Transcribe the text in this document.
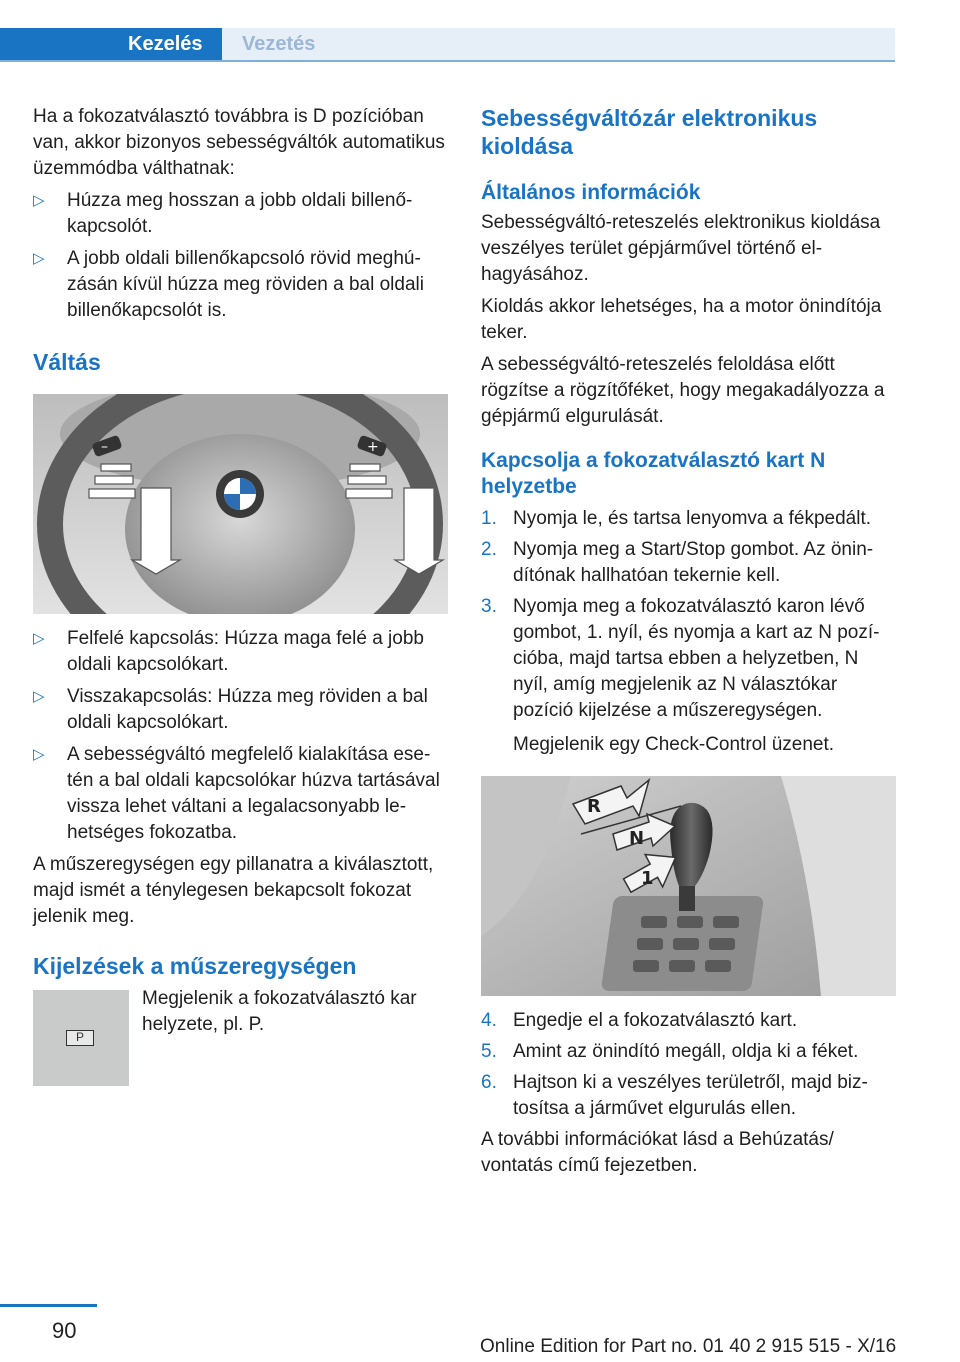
Kezelés	Vezetés

Ha a fokozatválasztó továbbra is D pozícióban van, akkor bizonyos sebességváltók automatikus üzemmódba válthatnak:

▷ Húzza meg hosszan a jobb oldali billenőkapcsolót.
▷ A jobb oldali billenőkapcsoló rövid meghúzásán kívül húzza meg röviden a bal oldali billenőkapcsolót is.
Váltás
–	+
▷ Felfelé kapcsolás: Húzza maga felé a jobb oldali kapcsolókart.
▷ Visszakapcsolás: Húzza meg röviden a bal oldali kapcsolókart.
▷ A sebességváltó megfelelő kialakítása esetén a bal oldali kapcsolókar húzva tartásával vissza lehet váltani a legalacsonyabb lehetséges fokozatba.

A műszeregységen egy pillanatra a kiválasztott, majd ismét a ténylegesen bekapcsolt fokozat jelenik meg.

Kijelzések a műszeregységen
P

Megjelenik a fokozatválasztó kar helyzete, pl. P.

Sebességváltózár elektronikus kioldása
Általános információk

Sebességváltó-reteszelés elektronikus kioldása veszélyes terület gépjárművel történő elhagyásához.

Kioldás akkor lehetséges, ha a motor önindítója teker.

A sebességváltó-reteszelés feloldása előtt rögzítse a rögzítőféket, hogy megakadályozza a gépjármű elgurulását.

Kapcsolja a fokozatválasztó kart N helyzetbe
1. Nyomja le, és tartsa lenyomva a fékpedált.
2. Nyomja meg a Start/Stop gombot. Az önindítónak hallhatóan tekernie kell.
3. Nyomja meg a fokozatválasztó karon lévő gombot, 1. nyíl, és nyomja a kart az N pozícióba, majd tartsa ebben a helyzetben, N nyíl, amíg megjelenik az N választókar pozíció kijelzése a műszeregységen.

Megjelenik egy Check-Control üzenet.

R
N
1
4. Engedje el a fokozatválasztó kart.
5. Amint az önindító megáll, oldja ki a féket.
6. Hajtson ki a veszélyes területről, majd biztosítsa a járművet elgurulás ellen.

A további információkat lásd a Behúzatás/ vontatás című fejezetben.

90
Online Edition for Part no. 01 40 2 915 515 - X/16
